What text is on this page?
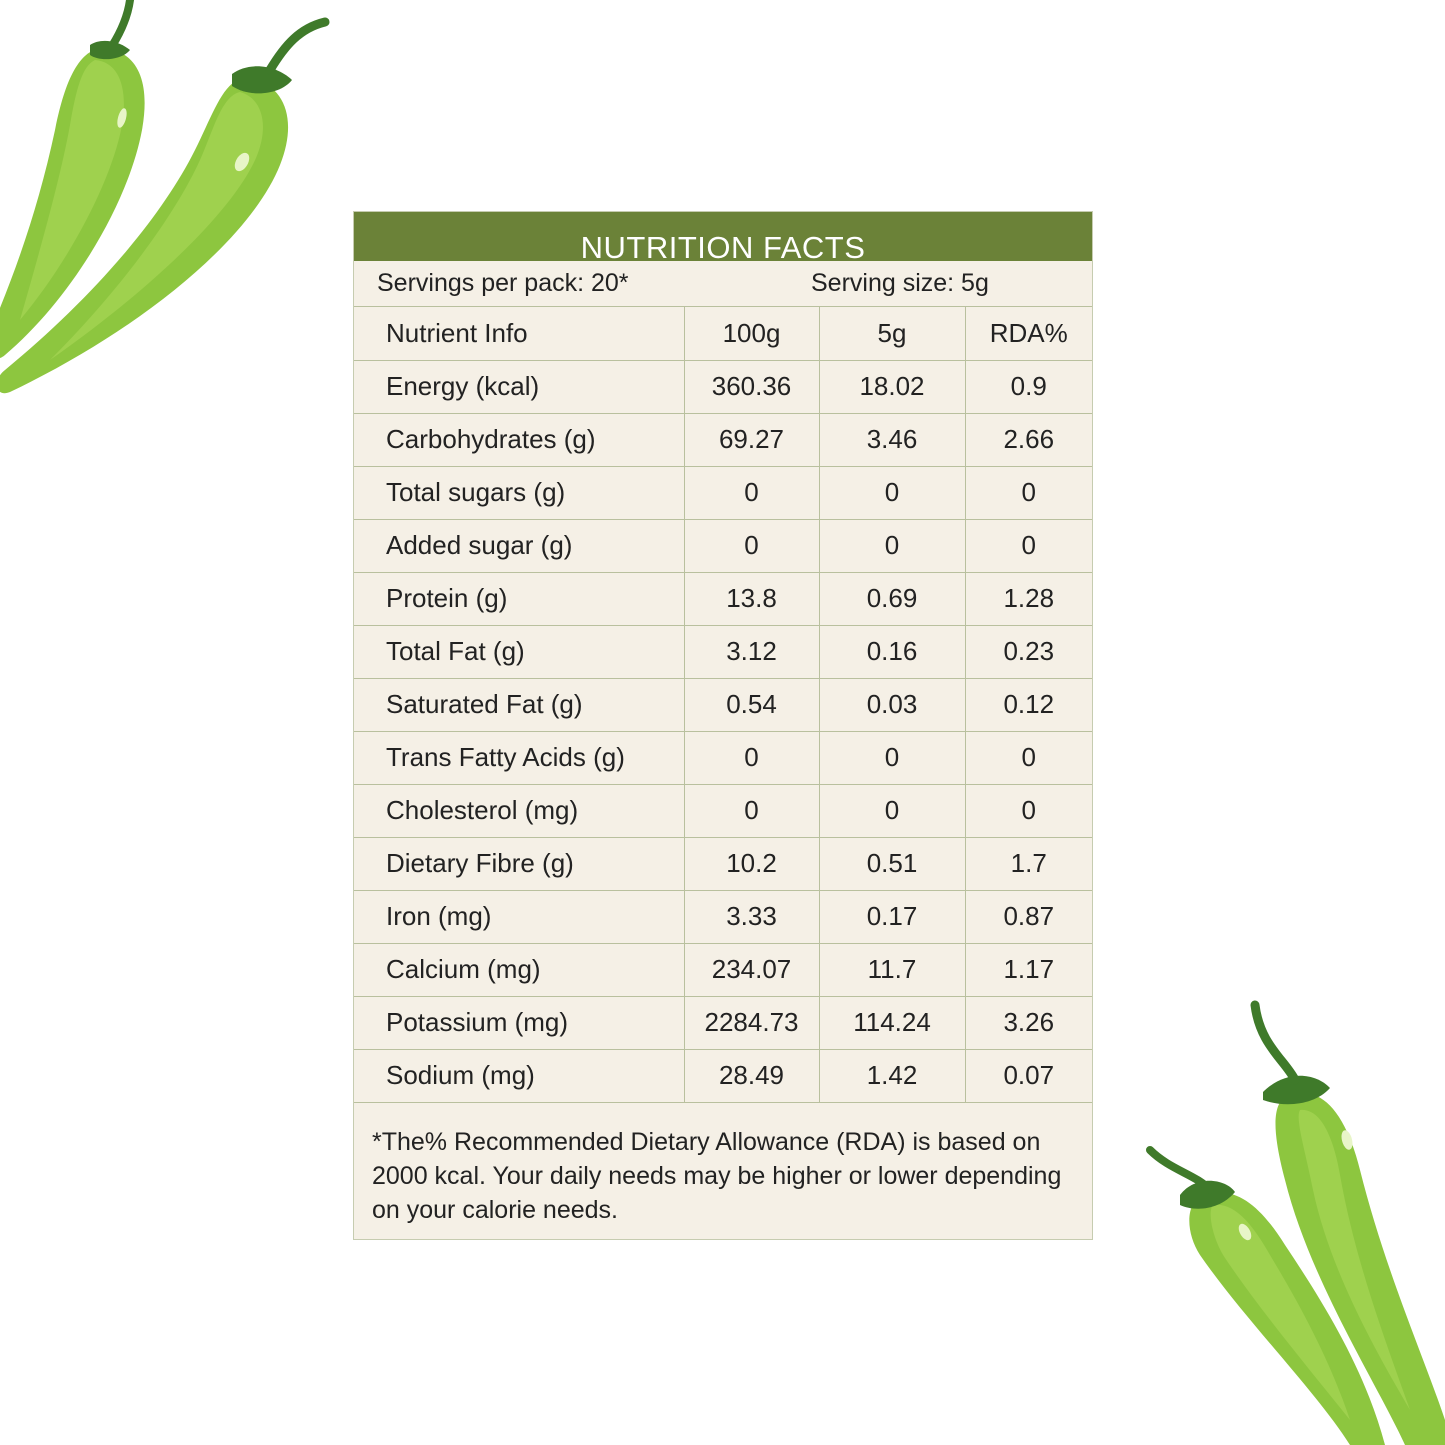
NUTRITION FACTS
Servings per pack: 20*	Serving size: 5g
Nutrient Info	100g	5g	RDA%
Energy (kcal)	360.36	18.02	0.9
Carbohydrates (g)	69.27	3.46	2.66
Total sugars (g)	0	0	0
Added sugar (g)	0	0	0
Protein (g)	13.8	0.69	1.28
Total Fat (g)	3.12	0.16	0.23
Saturated Fat (g)	0.54	0.03	0.12
Trans Fatty Acids (g)	0	0	0
Cholesterol (mg)	0	0	0
Dietary Fibre (g)	10.2	0.51	1.7
Iron (mg)	3.33	0.17	0.87
Calcium (mg)	234.07	11.7	1.17
Potassium (mg)	2284.73	114.24	3.26
Sodium (mg)	28.49	1.42	0.07
*The% Recommended Dietary Allowance (RDA) is based on 2000 kcal. Your daily needs may be higher or lower depending on your calorie needs.
